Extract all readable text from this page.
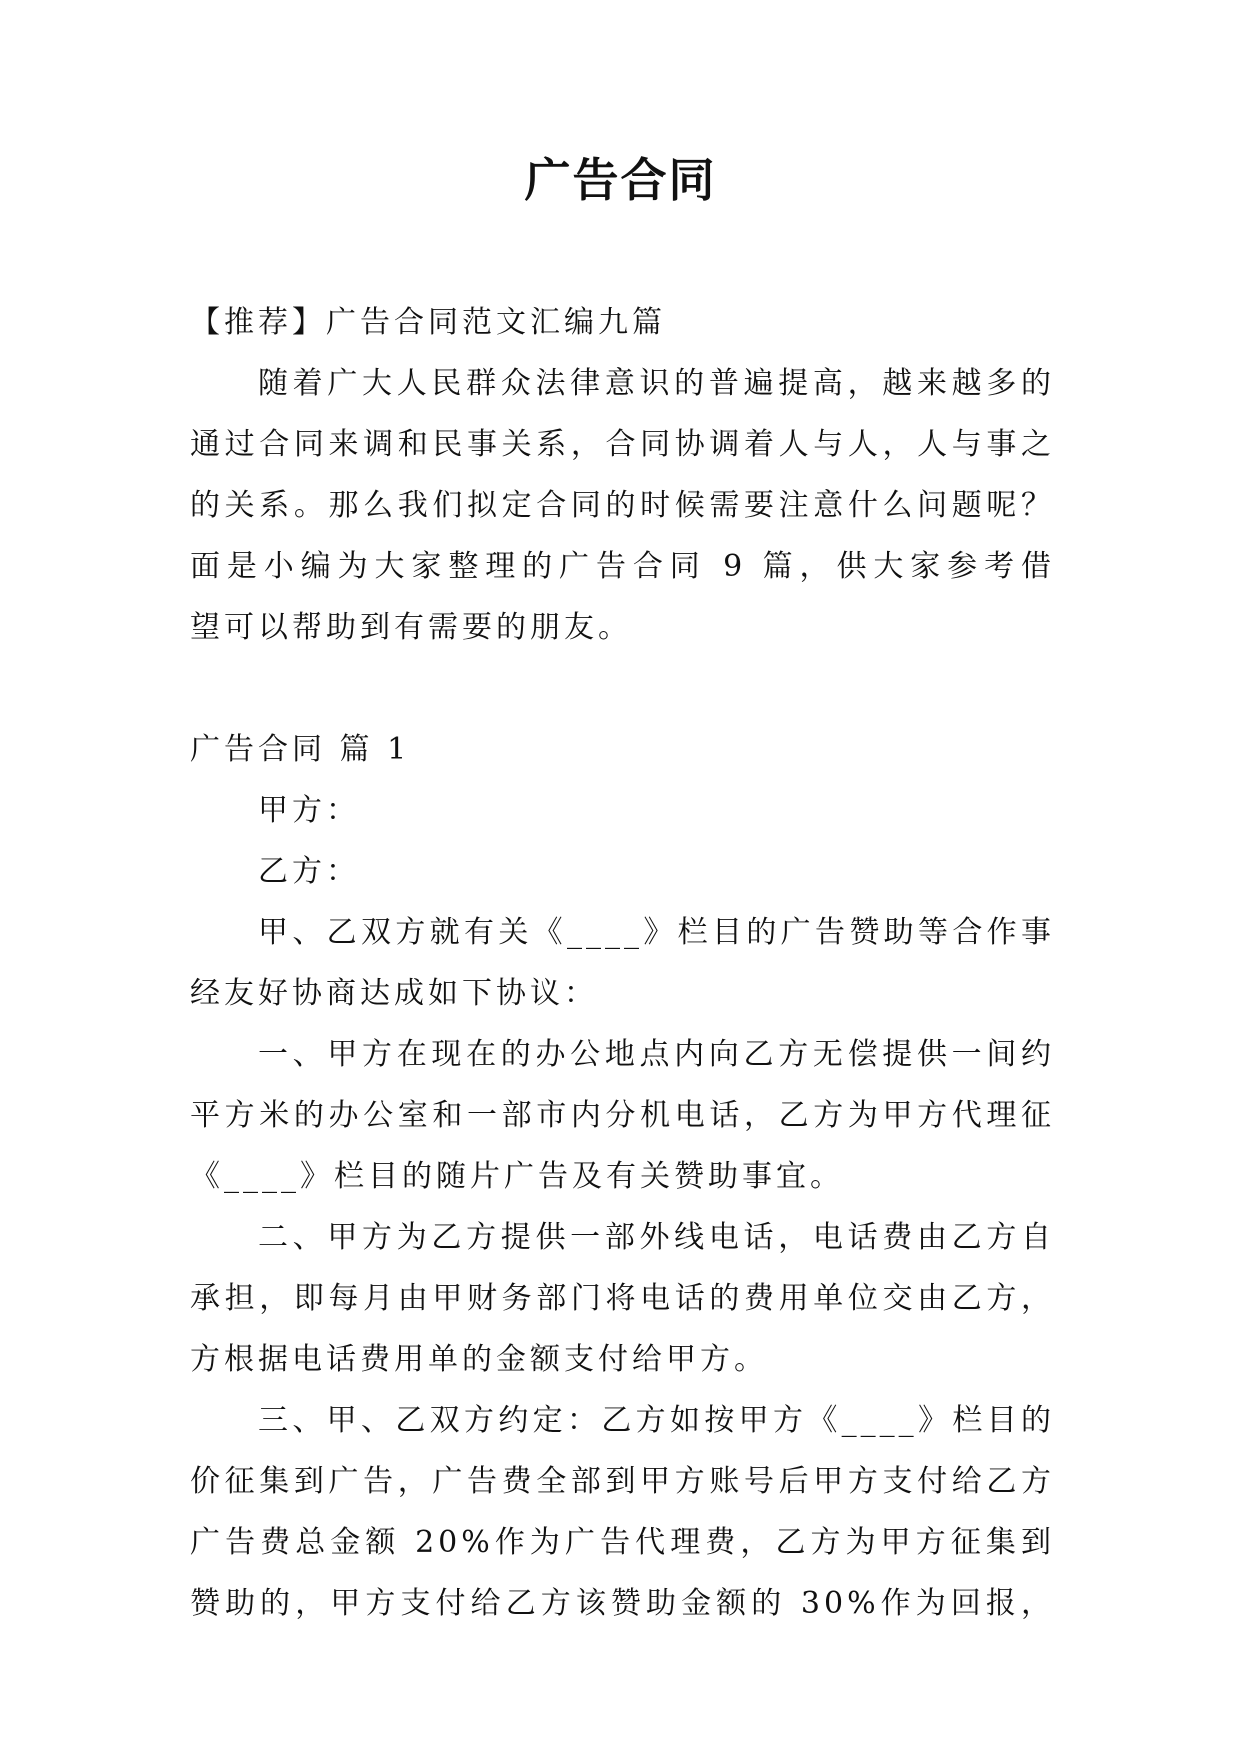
广告合同
【推荐】广告合同范文汇编九篇
随着广大人民群众法律意识的普遍提高，越来越多的
通过合同来调和民事关系，合同协调着人与人，人与事之
的关系。那么我们拟定合同的时候需要注意什么问题呢？
面是小编为大家整理的广告合同 9 篇，供大家参考借
望可以帮助到有需要的朋友。
广告合同 篇 1
甲方：
乙方：
甲、乙双方就有关《____》栏目的广告赞助等合作事
经友好协商达成如下协议：
一、甲方在现在的办公地点内向乙方无偿提供一间约
平方米的办公室和一部市内分机电话，乙方为甲方代理征
《____》栏目的随片广告及有关赞助事宜。
二、甲方为乙方提供一部外线电话，电话费由乙方自
承担，即每月由甲财务部门将电话的费用单位交由乙方，
方根据电话费用单的金额支付给甲方。
三、甲、乙双方约定：乙方如按甲方《____》栏目的
价征集到广告，广告费全部到甲方账号后甲方支付给乙方
广告费总金额 20%作为广告代理费，乙方为甲方征集到
赞助的，甲方支付给乙方该赞助金额的 30%作为回报，
